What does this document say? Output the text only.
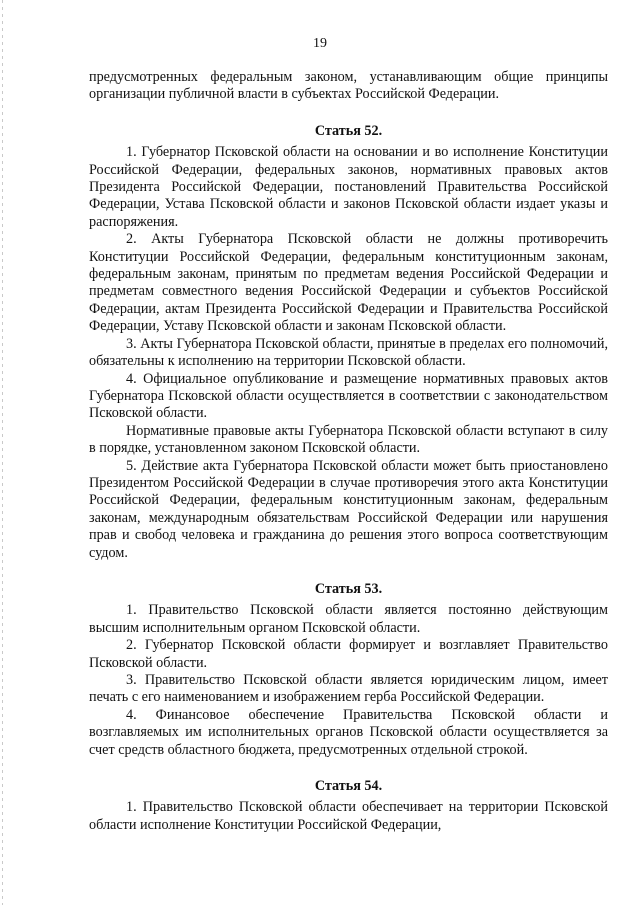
19

предусмотренных федеральным законом, устанавливающим общие принципы организации публичной власти в субъектах Российской Федерации.

Статья 52.

1. Губернатор Псковской области на основании и во исполнение Конституции Российской Федерации, федеральных законов, нормативных правовых актов Президента Российской Федерации, постановлений Правительства Российской Федерации, Устава Псковской области и законов Псковской области издает указы и распоряжения.

2. Акты Губернатора Псковской области не должны противоречить Конституции Российской Федерации, федеральным конституционным законам, федеральным законам, принятым по предметам ведения Российской Федерации и предметам совместного ведения Российской Федерации и субъектов Российской Федерации, актам Президента Российской Федерации и Правительства Российской Федерации, Уставу Псковской области и законам Псковской области.

3. Акты Губернатора Псковской области, принятые в пределах его полномочий, обязательны к исполнению на территории Псковской области.

4. Официальное опубликование и размещение нормативных правовых актов Губернатора Псковской области осуществляется в соответствии с законодательством Псковской области.

Нормативные правовые акты Губернатора Псковской области вступают в силу в порядке, установленном законом Псковской области.

5. Действие акта Губернатора Псковской области может быть приостановлено Президентом Российской Федерации в случае противоречия этого акта Конституции Российской Федерации, федеральным конституционным законам, федеральным законам, международным обязательствам Российской Федерации или нарушения прав и свобод человека и гражданина до решения этого вопроса соответствующим судом.

Статья 53.

1. Правительство Псковской области является постоянно действующим высшим исполнительным органом Псковской области.

2. Губернатор Псковской области формирует и возглавляет Правительство Псковской области.

3. Правительство Псковской области является юридическим лицом, имеет печать с его наименованием и изображением герба Российской Федерации.

4. Финансовое обеспечение Правительства Псковской области и возглавляемых им исполнительных органов Псковской области осуществляется за счет средств областного бюджета, предусмотренных отдельной строкой.

Статья 54.

1. Правительство Псковской области обеспечивает на территории Псковской области исполнение Конституции Российской Федерации,
